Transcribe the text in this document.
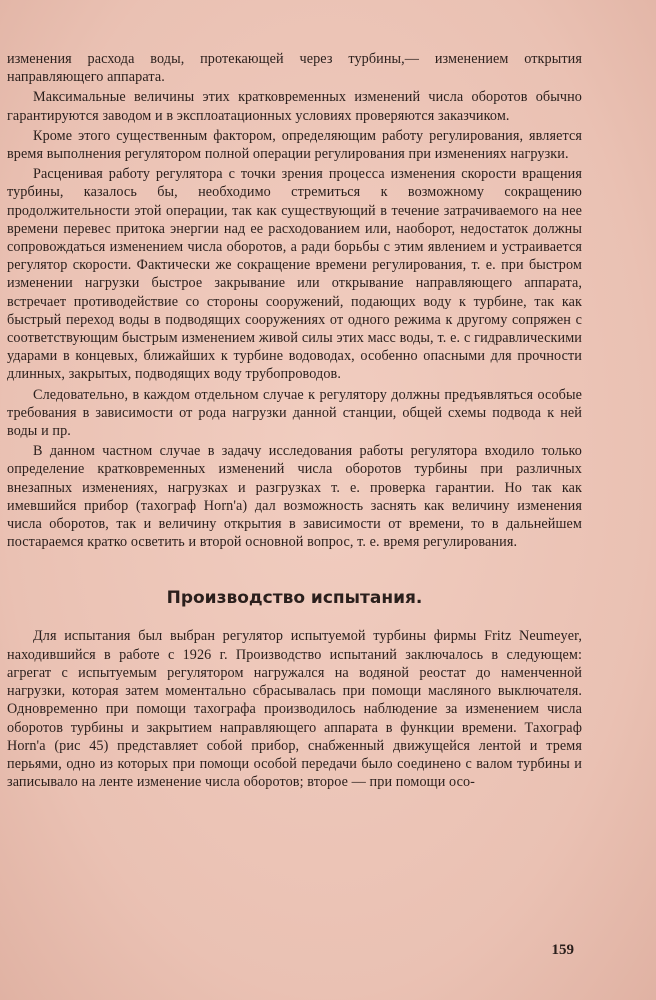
изменения расхода воды, протекающей через турбины,— изменением открытия направляющего аппарата.

Максимальные величины этих кратковременных изменений числа оборотов обычно гарантируются заводом и в эксплоатационных условиях проверяются заказчиком.

Кроме этого существенным фактором, определяющим работу регулирования, является время выполнения регулятором полной операции регулирования при изменениях нагрузки.

Расценивая работу регулятора с точки зрения процесса изменения скорости вращения турбины, казалось бы, необходимо стремиться к возможному сокращению продолжительности этой операции, так как существующий в течение затрачиваемого на нее времени перевес притока энергии над ее расходованием или, наоборот, недостаток должны сопровождаться изменением числа оборотов, а ради борьбы с этим явлением и устраивается регулятор скорости. Фактически же сокращение времени регулирования, т. е. при быстром изменении нагрузки быстрое закрывание или открывание направляющего аппарата, встречает противодействие со стороны сооружений, подающих воду к турбине, так как быстрый переход воды в подводящих сооружениях от одного режима к другому сопряжен с соответствующим быстрым изменением живой силы этих масс воды, т. е. с гидравлическими ударами в концевых, ближайших к турбине водоводах, особенно опасными для прочности длинных, закрытых, подводящих воду трубопроводов.

Следовательно, в каждом отдельном случае к регулятору должны предъявляться особые требования в зависимости от рода нагрузки данной станции, общей схемы подвода к ней воды и пр.

В данном частном случае в задачу исследования работы регулятора входило только определение кратковременных изменений числа оборотов турбины при различных внезапных изменениях, нагрузках и разгрузках т. е. проверка гарантии. Но так как имевшийся прибор (тахограф Horn'a) дал возможность заснять как величину изменения числа оборотов, так и величину открытия в зависимости от времени, то в дальнейшем постараемся кратко осветить и второй основной вопрос, т. е. время регулирования.

Производство испытания.

Для испытания был выбран регулятор испытуемой турбины фирмы Fritz Neumeyer, находившийся в работе с 1926 г. Производство испытаний заключалось в следующем: агрегат с испытуемым регулятором нагружался на водяной реостат до наменченной нагрузки, которая затем моментально сбрасывалась при помощи масляного выключателя. Одновременно при помощи тахографа производилось наблюдение за изменением числа оборотов турбины и закрытием направляющего аппарата в функции времени. Тахограф Horn'a (рис 45) представляет собой прибор, снабженный движущейся лентой и тремя перьями, одно из которых при помощи особой передачи было соединено с валом турбины и записывало на ленте изменение числа оборотов; второе — при помощи осо-

159
